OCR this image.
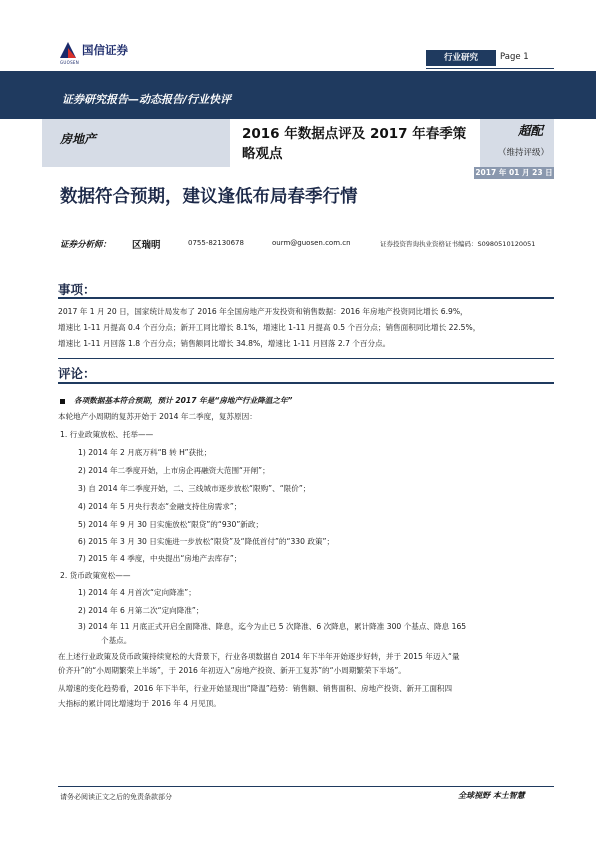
国信证券
GUOSEN	行业研究	Page 1
证券研究报告—动态报告/行业快评
房地产	2016 年数据点评及 2017 年春季策略观点
超配
（维持评级）
2017 年 01 月 23 日
数据符合预期，建议逢低布局春季行情
证券分析师： 区瑞明	0755-82130678	ourm@guosen.com.cn	证券投资咨询执业资格证书编码：S0980510120051
事项：
2017 年 1 月 20 日，国家统计局发布了 2016 年全国房地产开发投资和销售数据：2016 年房地产投资同比增长 6.9%，
增速比 1-11 月提高 0.4 个百分点；新开工同比增长 8.1%，增速比 1-11 月提高 0.5 个百分点；销售面积同比增长 22.5%，
增速比 1-11 月回落 1.8 个百分点；销售额同比增长 34.8%，增速比 1-11 月回落 2.7 个百分点。
评论：
各项数据基本符合预期，预计 2017 年是“房地产行业降温之年”
本轮地产小周期的复苏开始于 2014 年二季度，复苏原因：
1. 行业政策放松、托举——
1) 2014 年 2 月底万科“B 转 H”获批；
2) 2014 年二季度开始，上市房企再融资大范围“开闸”；
3) 自 2014 年二季度开始，二、三线城市逐步放松“限购”、“限价”；
4) 2014 年 5 月央行表态“金融支持住房需求”；
5) 2014 年 9 月 30 日实施放松“限贷”的“930”新政；
6) 2015 年 3 月 30 日实施进一步放松“限贷”及“降低首付”的“330 政策”；
7) 2015 年 4 季度，中央提出“房地产去库存”；
2. 货币政策宽松——
1) 2014 年 4 月首次“定向降准”；
2) 2014 年 6 月第二次“定向降准”；
3) 2014 年 11 月底正式开启全面降准、降息，迄今为止已 5 次降准、6 次降息，累计降准 300 个基点、降息 165
个基点。
在上述行业政策及货币政策持续宽松的大背景下，行业各项数据自 2014 年下半年开始逐步好转，并于 2015 年迈入“量
价齐升”的“小周期繁荣上半场”，于 2016 年初迈入“房地产投资、新开工复苏”的“小周期繁荣下半场”。
从增速的变化趋势看，2016 年下半年，行业开始显现出“降温”趋势：销售额、销售面积、房地产投资、新开工面积四
大指标的累计同比增速均于 2016 年 4 月见顶。
请务必阅读正文之后的免责条款部分	全球视野 本土智慧
